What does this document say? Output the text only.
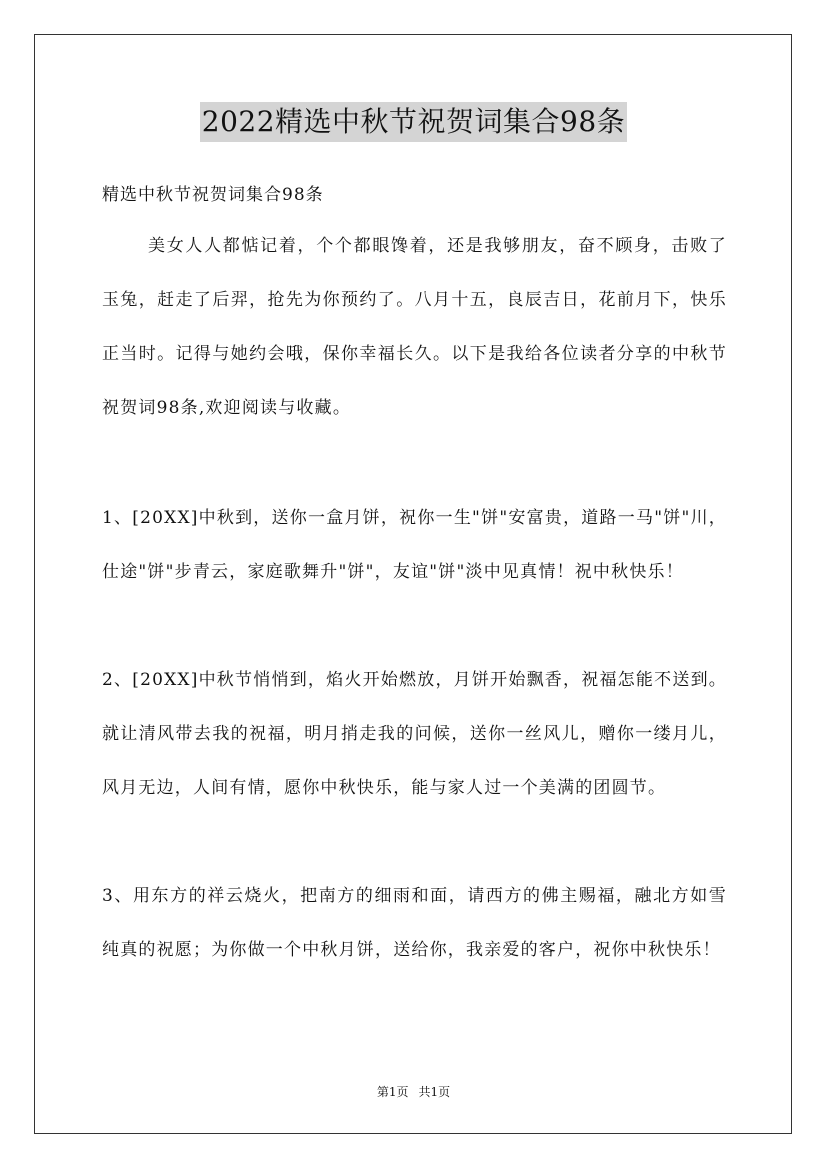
2022精选中秋节祝贺词集合98条
精选中秋节祝贺词集合98条

美女人人都惦记着，个个都眼馋着，还是我够朋友，奋不顾身，击败了玉兔，赶走了后羿，抢先为你预约了。八月十五，良辰吉日，花前月下，快乐正当时。记得与她约会哦，保你幸福长久。以下是我给各位读者分享的中秋节祝贺词98条,欢迎阅读与收藏。

1、[20XX]中秋到，送你一盒月饼，祝你一生"饼"安富贵，道路一马"饼"川，仕途"饼"步青云，家庭歌舞升"饼"，友谊"饼"淡中见真情！祝中秋快乐！

2、[20XX]中秋节悄悄到，焰火开始燃放，月饼开始飘香，祝福怎能不送到。就让清风带去我的祝福，明月捎走我的问候，送你一丝风儿，赠你一缕月儿，风月无边，人间有情，愿你中秋快乐，能与家人过一个美满的团圆节。

3、用东方的祥云烧火，把南方的细雨和面，请西方的佛主赐福，融北方如雪纯真的祝愿；为你做一个中秋月饼，送给你，我亲爱的客户，祝你中秋快乐！

第1页 共1页
